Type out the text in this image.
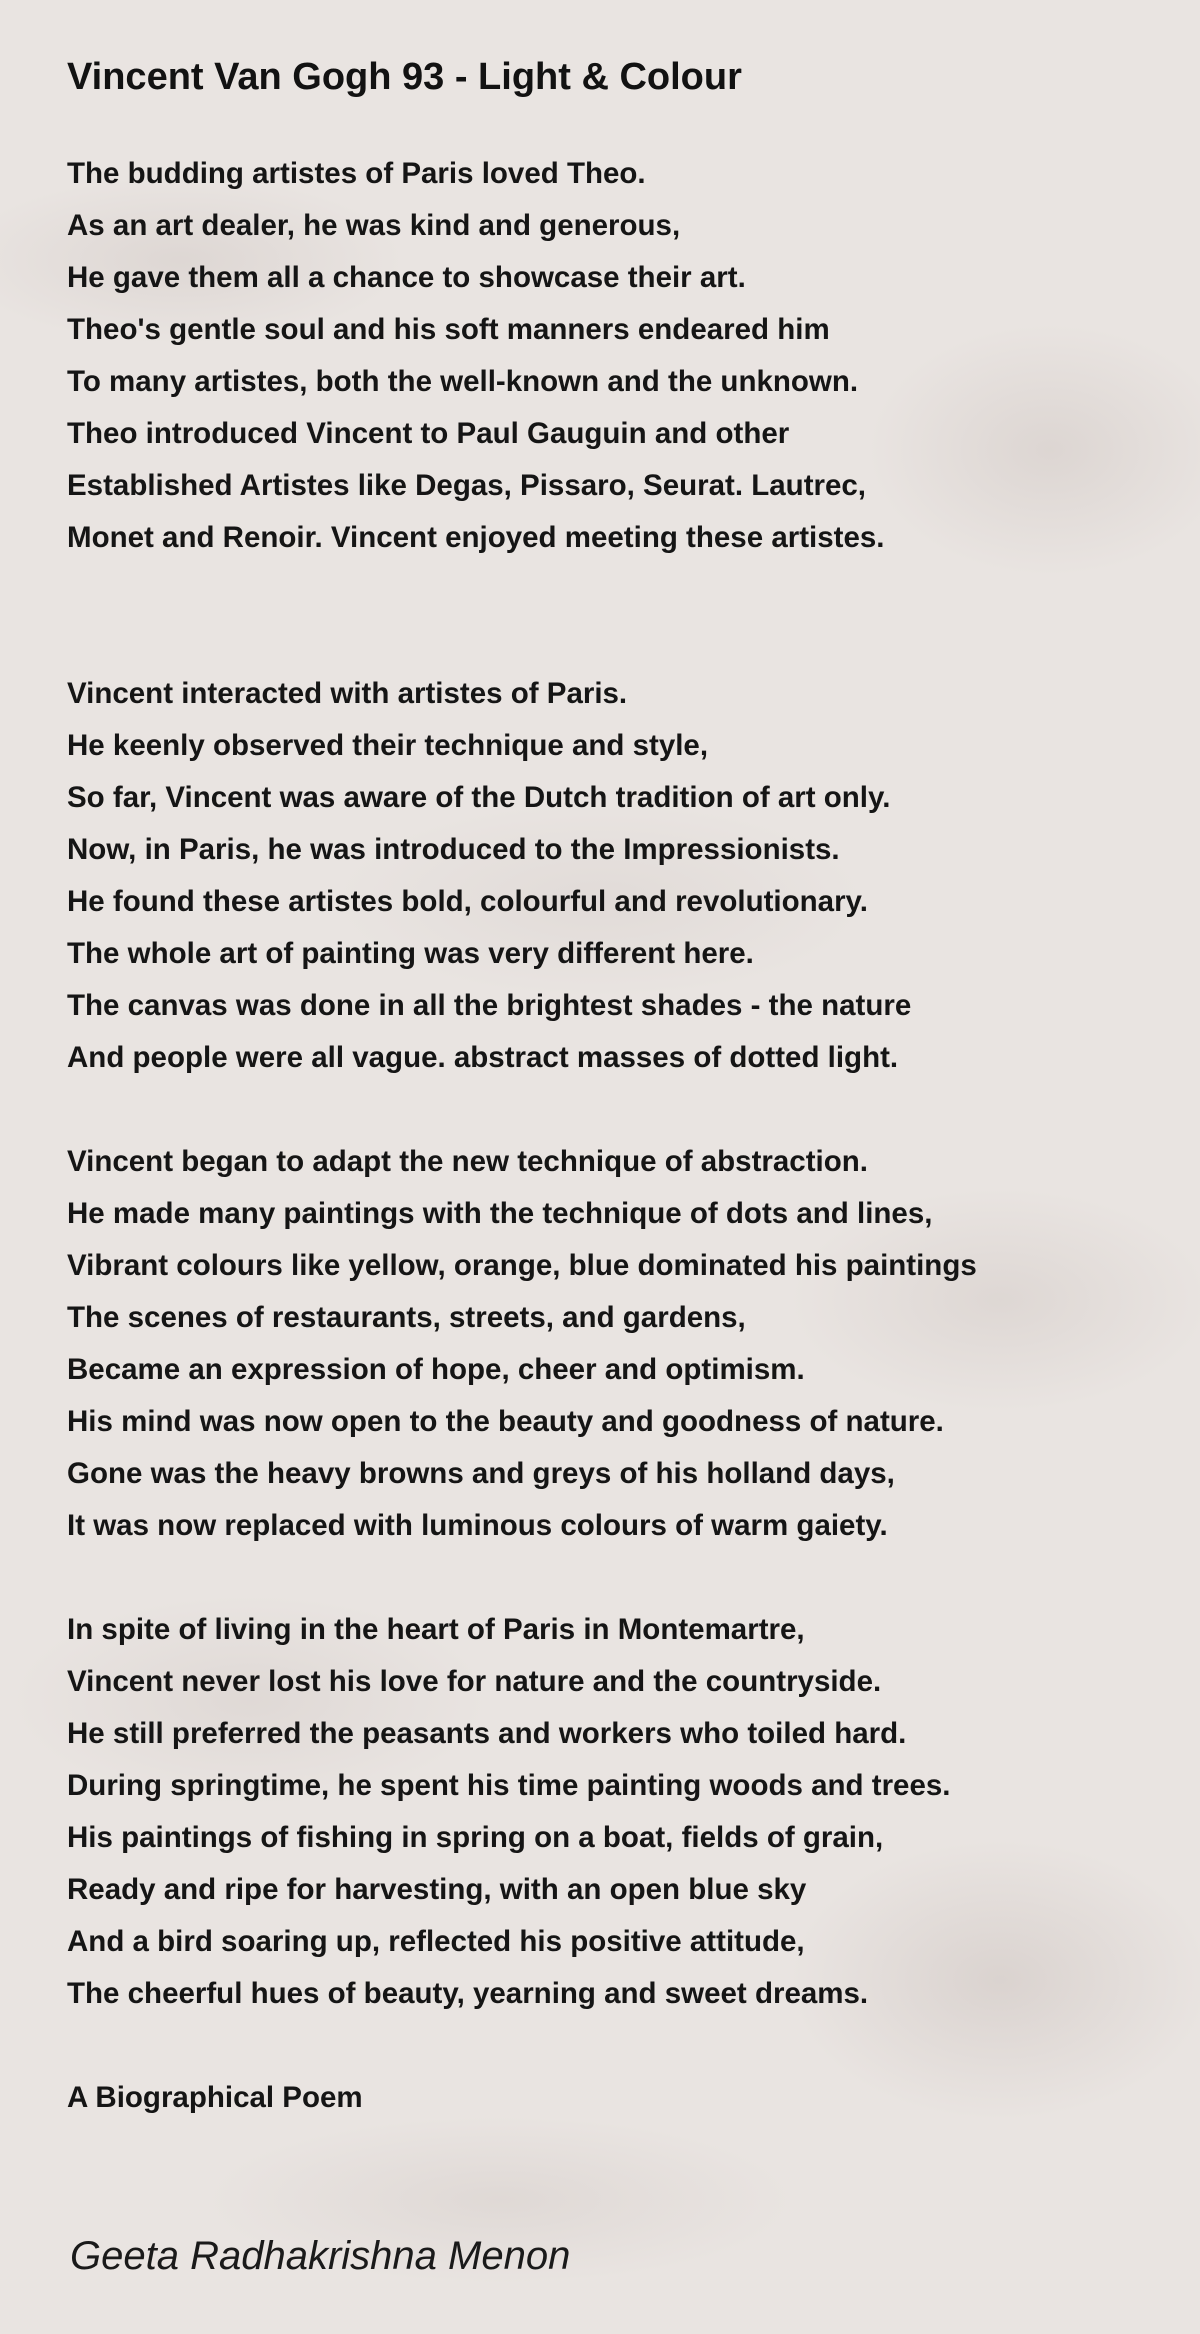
Vincent Van Gogh 93 - Light & Colour
The budding artistes of Paris loved Theo.
As an art dealer, he was kind and generous,
He gave them all a chance to showcase their art.
Theo's gentle soul and his soft manners endeared him
To many artistes, both the well-known and the unknown.
Theo introduced Vincent to Paul Gauguin and other
Established Artistes like Degas, Pissaro, Seurat. Lautrec,
Monet and Renoir. Vincent enjoyed meeting these artistes.
Vincent interacted with artistes of Paris.
He keenly observed their technique and style,
So far, Vincent was aware of the Dutch tradition of art only.
Now, in Paris, he was introduced to the Impressionists.
He found these artistes bold, colourful and revolutionary.
The whole art of painting was very different here.
The canvas was done in all the brightest shades - the nature
And people were all vague. abstract masses of dotted light.
Vincent began to adapt the new technique of abstraction.
He made many paintings with the technique of dots and lines,
Vibrant colours like yellow, orange, blue dominated his paintings
The scenes of restaurants, streets, and gardens,
Became an expression of hope, cheer and optimism.
His mind was now open to the beauty and goodness of nature.
Gone was the heavy browns and greys of his holland days,
It was now replaced with luminous colours of warm gaiety.
In spite of living in the heart of Paris in Montemartre,
Vincent never lost his love for nature and the countryside.
He still preferred the peasants and workers who toiled hard.
During springtime, he spent his time painting woods and trees.
His paintings of fishing in spring on a boat, fields of grain,
Ready and ripe for harvesting, with an open blue sky
And a bird soaring up, reflected his positive attitude,
The cheerful hues of beauty, yearning and sweet dreams.
A Biographical Poem
Geeta Radhakrishna Menon
